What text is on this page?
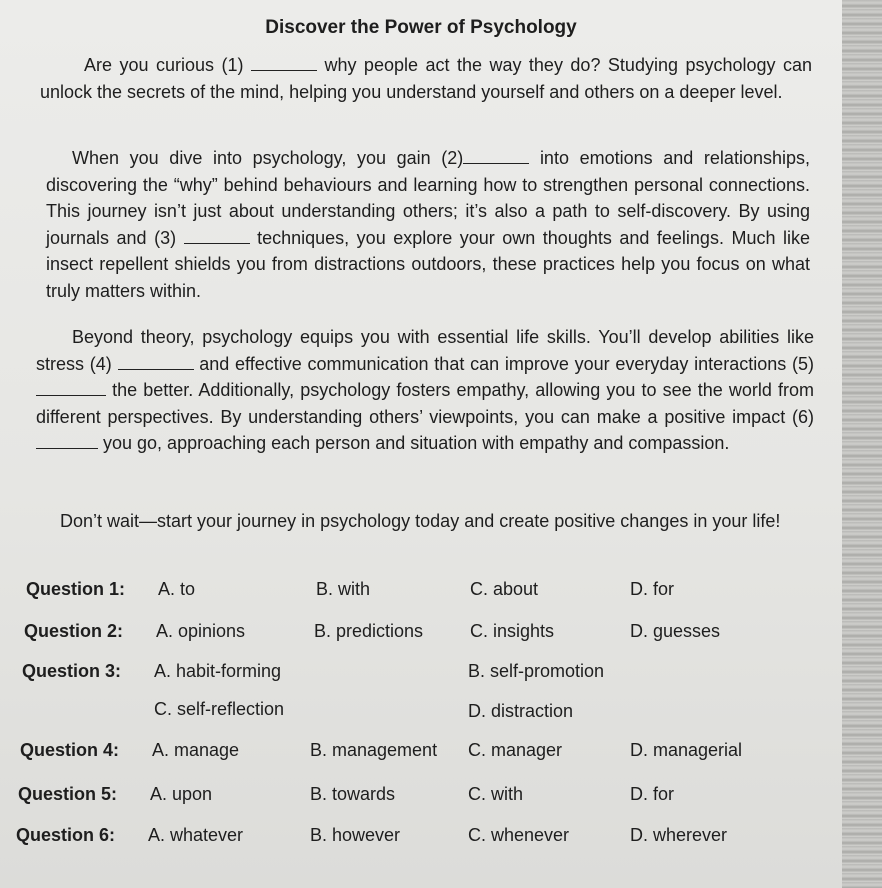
Discover the Power of Psychology
Are you curious (1)	why people act the way they do? Studying psychology can unlock the secrets of the mind, helping you understand yourself and others on a deeper level.
When you dive into psychology, you gain (2)	into emotions and relationships, discovering the “why” behind behaviours and learning how to strengthen personal connections. This journey isn’t just about understanding others; it’s also a path to self-discovery. By using journals and (3)	techniques, you explore your own thoughts and feelings. Much like insect repellent shields you from distractions outdoors, these practices help you focus on what truly matters within.
Beyond theory, psychology equips you with essential life skills. You’ll develop abilities like stress (4)	and effective communication that can improve your everyday interactions (5)  the better. Additionally, psychology fosters empathy, allowing you to see the world from different perspectives. By understanding others’ viewpoints, you can make a positive impact (6)  you go, approaching each person and situation with empathy and compassion.
Don’t wait—start your journey in psychology today and create positive changes in your life!
Question 1: A. to	B. with	C. about	D. for
Question 2: A. opinions	B. predictions	C. insights	D. guesses
Question 3: A. habit-forming	B. self-promotion
C. self-reflection	D. distraction
Question 4: A. manage	B. management C. manager	D. managerial
Question 5: A. upon	B. towards	C. with	D. for
Question 6: A. whatever	B. however	C. whenever	D. wherever
